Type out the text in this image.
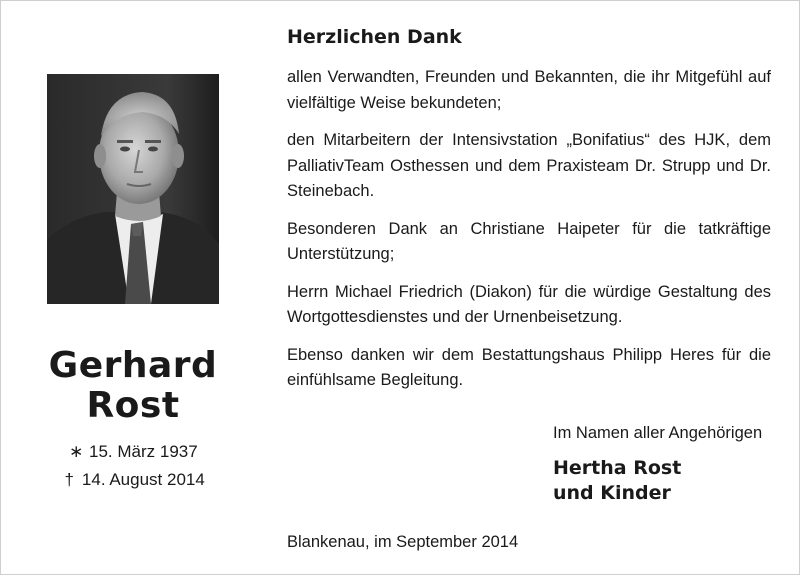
Gerhard
Rost
∗ 15. März 1937
† 14. August 2014
Herzlichen Dank

allen Verwandten, Freunden und Bekannten, die ihr Mitgefühl auf vielfältige Weise bekundeten;

den Mitarbeitern der Intensivstation „Bonifatius“ des HJK, dem PalliativTeam Osthessen und dem Praxisteam Dr. Strupp und Dr. Steinebach.

Besonderen Dank an Christiane Haipeter für die tatkräftige Unterstützung;

Herrn Michael Friedrich (Diakon) für die würdige Gestaltung des Wortgottesdienstes und der Urnenbeisetzung.

Ebenso danken wir dem Bestattungshaus Philipp Heres für die einfühlsame Begleitung.

Im Namen aller Angehörigen
Hertha Rost
und Kinder
Blankenau, im September 2014
